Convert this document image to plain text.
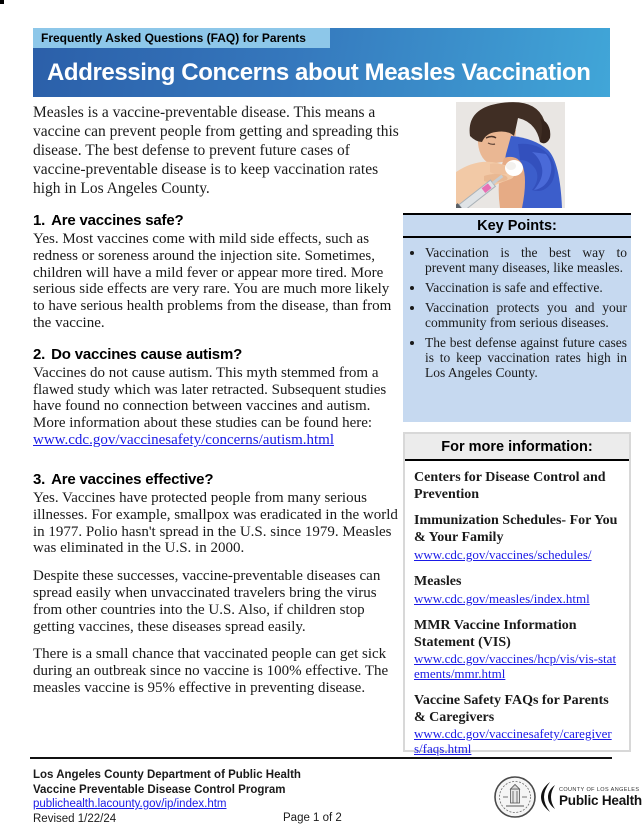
Frequently Asked Questions (FAQ) for Parents
Addressing Concerns about Measles Vaccination

Measles is a vaccine-preventable disease. This means a vaccine can prevent people from getting and spreading this disease. The best defense to prevent future cases of vaccine-preventable disease is to keep vaccination rates high in Los Angeles County.

1. Are vaccines safe?

Yes. Most vaccines come with mild side effects, such as redness or soreness around the injection site. Sometimes, children will have a mild fever or appear more tired. More serious side effects are very rare. You are much more likely to have serious health problems from the disease, than from the vaccine.

2. Do vaccines cause autism?

Vaccines do not cause autism. This myth stemmed from a flawed study which was later retracted. Subsequent studies have found no connection between vaccines and autism. More information about these studies can be found here:
www.cdc.gov/vaccinesafety/concerns/autism.html

3. Are vaccines effective?

Yes. Vaccines have protected people from many serious illnesses. For example, smallpox was eradicated in the world in 1977. Polio hasn't spread in the U.S. since 1979. Measles was eliminated in the U.S. in 2000.

Despite these successes, vaccine-preventable diseases can spread easily when unvaccinated travelers bring the virus from other countries into the U.S. Also, if children stop getting vaccines, these diseases spread easily.

There is a small chance that vaccinated people can get sick during an outbreak since no vaccine is 100% effective. The measles vaccine is 95% effective in preventing disease.

Key Points:
• Vaccination is the best way to prevent many diseases, like measles.
• Vaccination is safe and effective.
• Vaccination protects you and your community from serious diseases.
• The best defense against future cases is to keep vaccination rates high in Los Angeles County.
For more information:
Centers for Disease Control and Prevention
Immunization Schedules- For You & Your Family
www.cdc.gov/vaccines/schedules/
Measles
www.cdc.gov/measles/index.html
MMR Vaccine Information Statement (VIS)
www.cdc.gov/vaccines/hcp/vis/vis-statements/mmr.html
Vaccine Safety FAQs for Parents & Caregivers
www.cdc.gov/vaccinesafety/caregivers/faqs.html
Los Angeles County Department of Public Health
Vaccine Preventable Disease Control Program
publichealth.lacounty.gov/ip/index.htm
Revised 1/22/24	Page 1 of 2
COUNTY OF LOS ANGELES
Public Health
